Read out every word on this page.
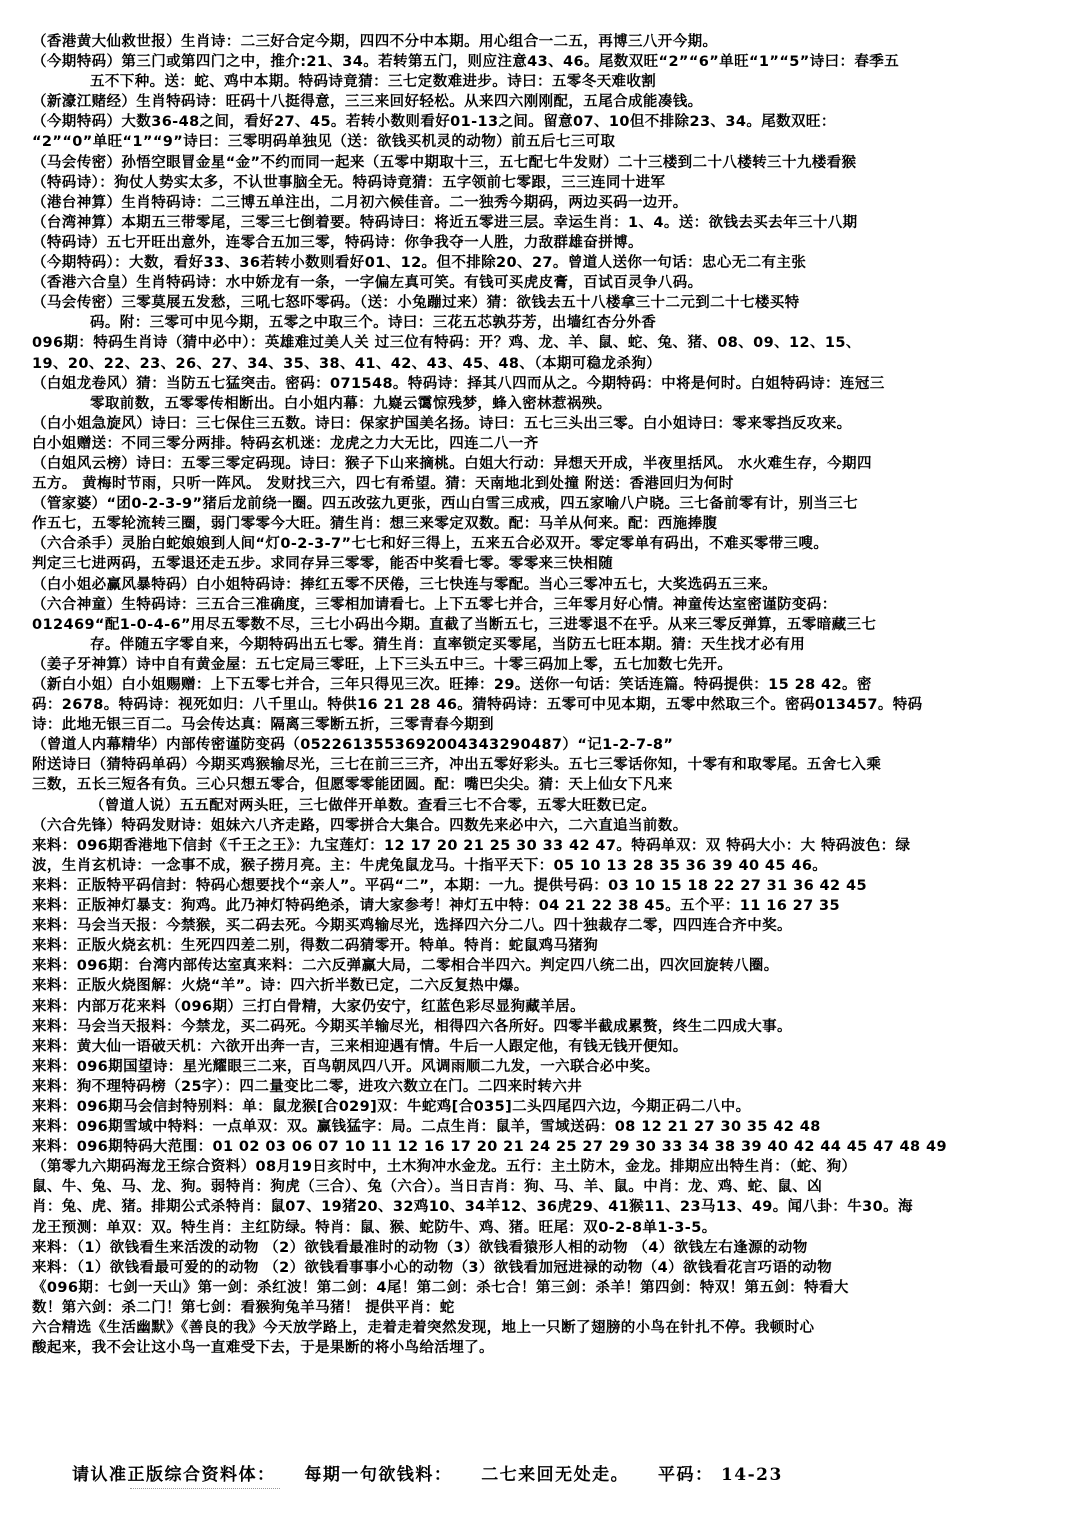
（香港黄大仙救世报）生肖诗：二三好合定今期，四四不分中本期。用心组合一二五，再博三八开今期。
（今期特码）第三门或第四门之中，推介:21、34。若转第五门，则应注意43、46。尾数双旺“2”“6”单旺“1”“5”诗曰：春季五
五不下种。送：蛇、鸡中本期。特码诗竟猜：三七定数难进步。诗曰：五零冬天难收割
（新濠江赌经）生肖特码诗：旺码十八挺得意，三三来回好轻松。从来四六刚刚配，五尾合成能凑钱。
（今期特码）大数36-48之间，看好27、45。若转小数则看好01-13之间。留意07、10但不排除23、34。尾数双旺：
“2”“0”单旺“1”“9”诗曰：三零明码单独见（送：欲钱买机灵的动物）前五后七三可取
（马会传密）孙悟空眼冒金星“金”不约而同一起来（五零中期取十三，五七配七牛发财）二十三楼到二十八楼转三十九楼看猴
（特码诗）：狗仗人势实太多，不认世事脑全无。特码诗竟猜：五字领前七零跟，三三连同十进军
（港台神算）生肖特码诗：二三博五单注出，二月初六候佳音。二一独秀今期码，两边买码一边开。
（台湾神算）本期五三带零尾，三零三七倒着要。特码诗曰：将近五零进三层。幸运生肖：1、4。送：欲钱去买去年三十八期
（特码诗）五七开旺出意外，连零合五加三零，特码诗：你争我夺一人胜，力敌群雄奋拼博。
（今期特码）：大数，看好33、36若转小数则看好01、12。但不排除20、27。曾道人送你一句话：忠心无二有主张
（香港六合皇）生肖特码诗：水中娇龙有一条，一字偏左真可笑。有钱可买虎皮膏，百试百灵争八码。
（马会传密）三零莫展五发愁，三吼七怒吓零码。（送：小兔蹦过来）猜：欲钱去五十八楼拿三十二元到二十七楼买特
码。附：三零可中见今期，五零之中取三个。诗曰：三花五芯孰芬芳，出墙红杏分外香
096期：特码生肖诗（猜中必中）：英雄难过美人关 过三位有特码：开？鸡、龙、羊、鼠、蛇、兔、猪、08、09、12、15、
19、20、22、23、26、27、34、35、38、41、42、43、45、48、（本期可稳龙杀狗）
（白姐龙卷风）猜：当防五七猛突击。密码：071548。特码诗：择其八四而从之。今期特码：中将是何时。白姐特码诗：连冠三
零取前数，五零零传相断出。白小姐内幕：九嶷云霭惊残梦，蜂入密林惹祸殃。
（白小姐急旋风）诗曰：三七保住三五数。诗曰：保家护国美名扬。诗曰：五七三头出三零。白小姐诗曰：零来零挡反攻来。
白小姐赠送：不同三零分两排。特码玄机迷：龙虎之力大无比，四连二八一齐
（白姐风云榜）诗曰：五零三零定码现。诗曰：猴子下山来摘桃。白姐大行动：异想天开成，半夜里括风。 水火难生存，今期四
五方。 黄梅时节雨，只听一阵风。 发财找三六，四七有希望。猜：天南地北到处撞 附送：香港回归为何时
（管家婆）“团0-2-3-9”猪后龙前绕一圈。四五改弦九更张，西山白雪三成戒，四五家喻八户晓。三七备前零有计，别当三七
作五七，五零轮流转三圈，弱门零零今大旺。猜生肖：想三来零定双数。配：马羊从何来。配：西施捧腹
（六合杀手）灵胎白蛇娘娘到人间“灯0-2-3-7”七七和好三得上，五来五合必双开。零定零单有码出，不难买零带三嗖。
判定三七进两码，五零退还走五步。求同存异三零零，能否中奖看七零。零零来三快相随
（白小姐必赢风暴特码）白小姐特码诗：捧红五零不厌倦，三七快连与零配。当心三零冲五七，大奖选码五三来。
（六合神童）生特码诗：三五合三准确度，三零相加请看七。上下五零七并合，三年零月好心情。神童传达室密谨防变码：
012469“配1-0-4-6”用尽五零数不尽，三七小码出今期。直截了当断五七，三进零退不在乎。从来三零反弹算，五零暗藏三七
存。伴随五字零自来，今期特码出五七零。猜生肖：直率锁定买零尾，当防五七旺本期。猜：天生找才必有用
（姜子牙神算）诗中自有黄金屋：五七定局三零旺，上下三头五中三。十零三码加上零，五七加数七先开。
（新白小姐）白小姐赐赠：上下五零七并合，三年只得见三次。旺捧：29。送你一句话：笑话连篇。特码提供：15 28 42。密
码：2678。特码诗：视死如归：八千里山。特供16 21 28 46。猜特码诗：五零可中见本期，五零中然取三个。密码013457。特码
诗：此地无银三百二。马会传达真：隔离三零断五折，三零青春今期到
（曾道人内幕精华）内部传密谨防变码（05226135536920043432904​87）“记1-2-7-8”
附送诗曰（猜特码单码）今期买鸡猴输尽光，三七在前三三齐，冲出五零好彩头。五七三零话你知，十零有和取零尾。五舍七入乘
三数，五长三短各有负。三心只想五零合，但愿零零能团圆。配：嘴巴尖尖。猜：天上仙女下凡来
（曾道人说）五五配对两头旺，三七做伴开单数。查看三七不合零，五零大旺数已定。
（六合先锋）特码发财诗：姐妹六八齐走路，四零拼合大集合。四数先来必中六，二六直追当前数。
来料：096期香港地下信封《千王之王》：九宝莲灯：12 17 20 21 25 30 33 42 47。特码单双：双 特码大小：大 特码波色：绿
波，生肖玄机诗：一念事不成，猴子捞月亮。主：牛虎兔鼠龙马。十指平天下：05 10 13 28 35 36 39 40 45 46。
来料：正版特平码信封：特码心想要找个“亲人”。平码“二”，本期：一九。提供号码：03 10 15 18 22 27 31 36 42 45
来料：正版神灯暴支：狗鸡。此乃神灯特码绝杀，请大家参考！神灯五中特：04 21 22 38 45。五个平：11 16 27 35
来料：马会当天报：今禁猴，买二码去死。今期买鸡输尽光，选择四六分二八。四十独裁存二零，四四连合齐中奖。
来料：正版火烧玄机：生死四四差二别，得数二码猜零开。特单。特肖：蛇鼠鸡马猪狗
来料：096期：台湾内部传达室真来料：二六反弹赢大局，二零相合半四六。判定四八统二出，四次回旋转八圈。
来料：正版火烧图解：火烧“羊”。诗：四六折半数已定，二六反复热中爆。
来料：内部万花来料（096期）三打白骨精，大家仍安宁，红蓝色彩尽显狗藏羊居。
来料：马会当天报料：今禁龙，买二码死。今期买羊输尽光，相得四六各所好。四零半截成累赘，终生二四成大事。
来料：黄大仙一语破天机：六欲开出奔一吉，三来相迎遇有情。牛后一人跟定他，有钱无钱开便知。
来料：096期国望诗：星光耀眼三二来，百鸟朝凤四八开。风调雨顺二九发，一六联合必中奖。
来料：狗不理特码榜（25字）：四二量变比二零，进攻六数立在门。二四来时转六井
来料：096期马会信封特别料：单：鼠龙猴[合029]双：牛蛇鸡[合035]二头四尾四六边，今期正码二八中。
来料：096期雪域中特料：一点单双：双。赢钱猛字：局。二点生肖：鼠羊，雪域送码：08 12 21 27 30 35 42 48
来料：096期特码大范围：01 02 03 06 07 10 11 12 16 17 20 21 24 25 27 29 30 33 34 38 39 40 42 44 45 47 48 49
（第零九六期码海龙王综合资料）08月19日亥时中，土木狗冲水金龙。五行：主土防木，金龙。排期应出特生肖：（蛇、狗）
鼠、牛、兔、马、龙、狗。弱特肖：狗虎（三合）、兔（六合）。当日吉肖：狗、马、羊、鼠。中肖：龙、鸡、蛇、鼠、凶
肖：兔、虎、猪。排期公式杀特肖：鼠07、19猪20、32鸡10、34羊12、36虎29、41猴11、23马13、49。闻八卦：牛30。海
龙王预测：单双：双。特生肖：主红防绿。特肖：鼠、猴、蛇防牛、鸡、猪。旺尾：双0-2-8单1-3-5。
来料：（1）欲钱看生来活泼的动物 （2）欲钱看最准时的动物（3）欲钱看猿形人相的动物 （4）欲钱左右逢源的动物
来料：（1）欲钱看最可爱的的动物 （2）欲钱看事事小心的动物（3）欲钱看加冠进禄的动物（4）欲钱看花言巧语的动物
《096期：七剑一天山》第一剑：杀红波！第二剑：4尾！第二剑：杀七合！第三剑：杀羊！第四剑：特双！第五剑：特看大
数！第六剑：杀二门！第七剑：看猴狗兔羊马猪！ 提供平肖：蛇
六合精选《生活幽默》《善良的我》今天放学路上，走着走着突然发现，地上一只断了翅膀的小鸟在针扎不停。我顿时心
酸起来，我不会让这小鸟一直难受下去，于是果断的将小鸟给活埋了。
请认准正版综合资料体： 每期一句欲钱料： 二七来回无处走。 平码： 14-23
